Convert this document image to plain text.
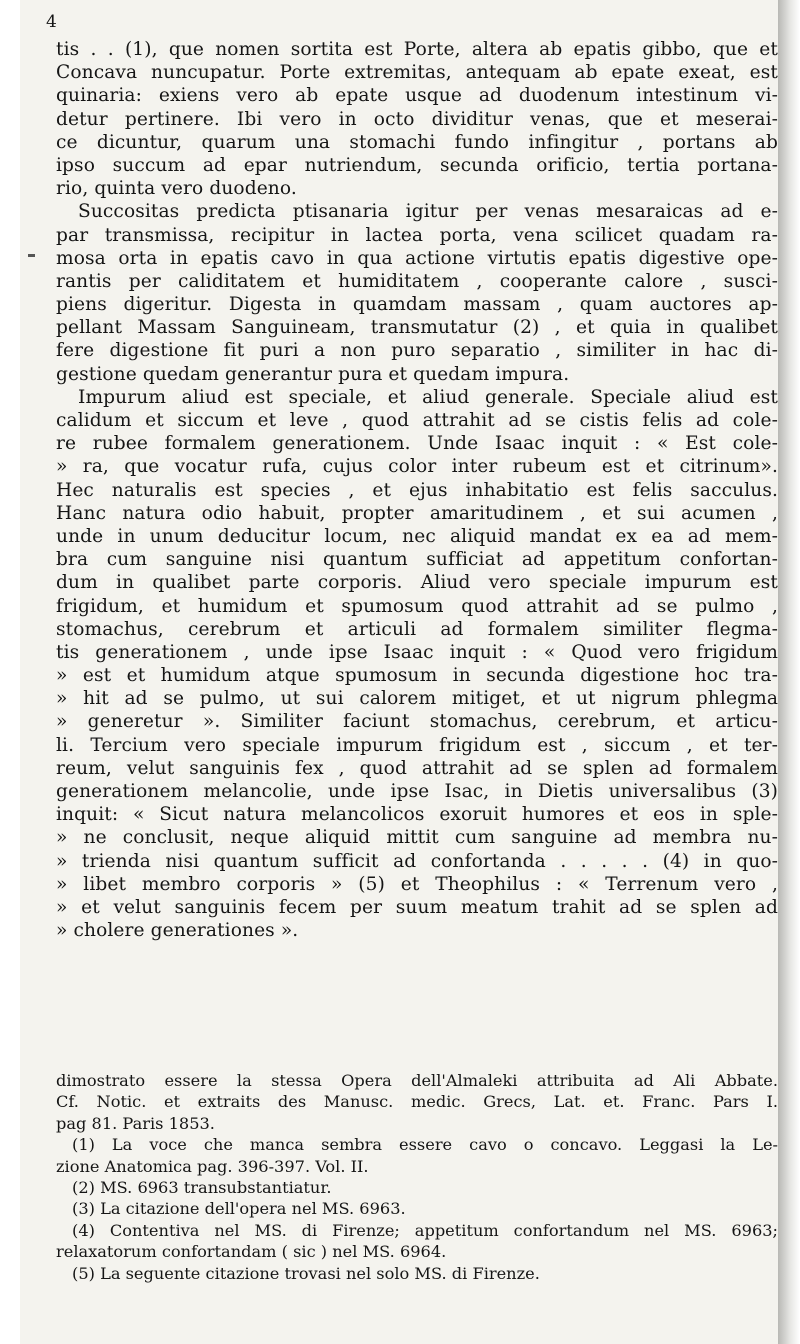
4
tis . . (1), que nomen sortita est Porte, altera ab epatis gibbo, que et
Concava nuncupatur. Porte extremitas, antequam ab epate exeat, est
quinaria: exiens vero ab epate usque ad duodenum intestinum vi-
detur pertinere. Ibi vero in octo dividitur venas, que et meserai-
ce dicuntur, quarum una stomachi fundo infingitur , portans ab
ipso succum ad epar nutriendum, secunda orificio, tertia portana-
rio, quinta vero duodeno.
Succositas predicta ptisanaria igitur per venas mesaraicas ad e-
par transmissa, recipitur in lactea porta, vena scilicet quadam ra-
mosa orta in epatis cavo in qua actione virtutis epatis digestive ope-
rantis per caliditatem et humiditatem , cooperante calore , susci-
piens digeritur. Digesta in quamdam massam , quam auctores ap-
pellant Massam Sanguineam, transmutatur (2) , et quia in qualibet
fere digestione fit puri a non puro separatio , similiter in hac di-
gestione quedam generantur pura et quedam impura.
Impurum aliud est speciale, et aliud generale. Speciale aliud est
calidum et siccum et leve , quod attrahit ad se cistis felis ad cole-
re rubee formalem generationem. Unde Isaac inquit : « Est cole-
» ra, que vocatur rufa, cujus color inter rubeum est et citrinum».
Hec naturalis est species , et ejus inhabitatio est felis sacculus.
Hanc natura odio habuit, propter amaritudinem , et sui acumen ,
unde in unum deducitur locum, nec aliquid mandat ex ea ad mem-
bra cum sanguine nisi quantum sufficiat ad appetitum confortan-
dum in qualibet parte corporis. Aliud vero speciale impurum est
frigidum, et humidum et spumosum quod attrahit ad se pulmo ,
stomachus, cerebrum et articuli ad formalem similiter flegma-
tis generationem , unde ipse Isaac inquit : « Quod vero frigidum
» est et humidum atque spumosum in secunda digestione hoc tra-
» hit ad se pulmo, ut sui calorem mitiget, et ut nigrum phlegma
» generetur ». Similiter faciunt stomachus, cerebrum, et articu-
li. Tercium vero speciale impurum frigidum est , siccum , et ter-
reum, velut sanguinis fex , quod attrahit ad se splen ad formalem
generationem melancolie, unde ipse Isac, in Dietis universalibus (3)
inquit: « Sicut natura melancolicos exoruit humores et eos in sple-
» ne conclusit, neque aliquid mittit cum sanguine ad membra nu-
» trienda nisi quantum sufficit ad confortanda . . . . . (4) in quo-
» libet membro corporis » (5) et Theophilus : « Terrenum vero ,
» et velut sanguinis fecem per suum meatum trahit ad se splen ad
» cholere generationes ».
dimostrato essere la stessa Opera dell'Almaleki attribuita ad Ali Abbate.
Cf. Notic. et extraits des Manusc. medic. Grecs, Lat. et. Franc. Pars I.
pag 81. Paris 1853.
(1) La voce che manca sembra essere cavo o concavo. Leggasi la Le-
zione Anatomica pag. 396-397. Vol. II.
(2) MS. 6963 transubstantiatur.
(3) La citazione dell'opera nel MS. 6963.
(4) Contentiva nel MS. di Firenze; appetitum confortandum nel MS. 6963;
relaxatorum confortandam ( sic ) nel MS. 6964.
(5) La seguente citazione trovasi nel solo MS. di Firenze.
